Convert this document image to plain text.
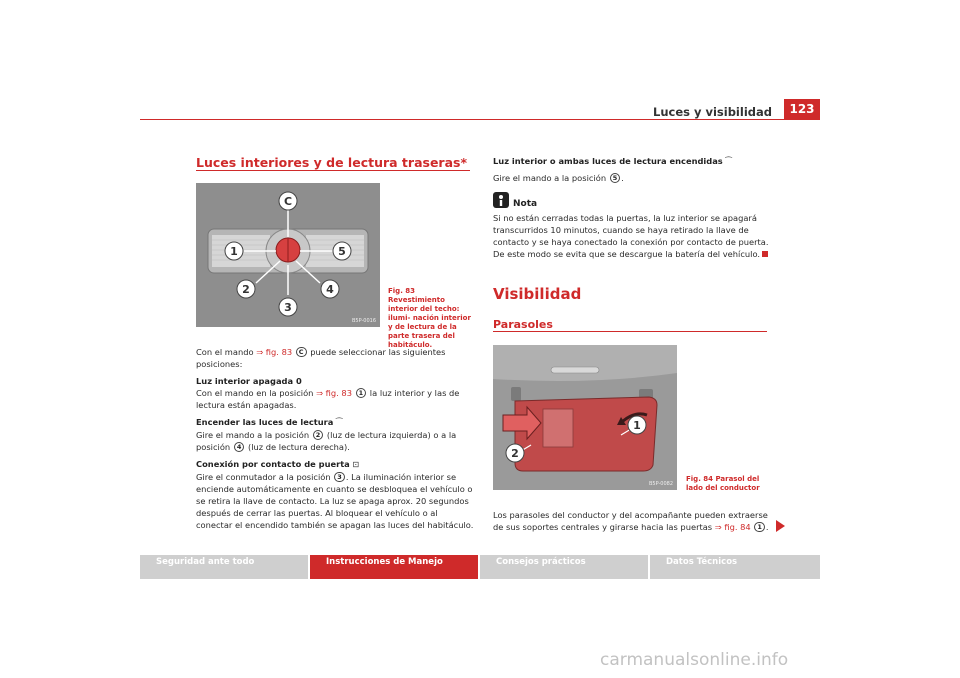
Luces y visibilidad	123
Luces interiores y de lectura traseras*
C
1	5
2
3
4
B5P-0016
Fig. 83 Revestimiento interior del techo: ilumi- nación interior y de lectura de la parte trasera del habitáculo.
Con el mando ⇒ fig. 83 C puede seleccionar las siguientes posiciones:
Luz interior apagada 0
Con el mando en la posición ⇒ fig. 83 1 la luz interior y las de lectura están apagadas.
Encender las luces de lectura ⁀
Gire el mando a la posición 2 (luz de lectura izquierda) o a la posición 4 (luz de lectura derecha).
Conexión por contacto de puerta ⊡
Gire el conmutador a la posición 3 . La iluminación interior se enciende automáticamente en cuanto se desbloquea el vehículo o se retira la llave de contacto. La luz se apaga aprox. 20 segundos después de cerrar las puertas. Al bloquear el vehículo o al conectar el encendido también se apagan las luces del habitáculo.
Luz interior o ambas luces de lectura encendidas ⁀
Gire el mando a la posición 5 .
Nota
Si no están cerradas todas la puertas, la luz interior se apagará transcurridos 10 minutos, cuando se haya retirado la llave de contacto y se haya conectado la conexión por contacto de puerta. De este modo se evita que se descargue la batería del vehículo.
Visibilidad
Parasoles
1
2
B5P-0082
Fig. 84 Parasol del lado del conductor
Los parasoles del conductor y del acompañante pueden extraerse de sus soportes centrales y girarse hacia las puertas ⇒ fig. 84 1 .
Seguridad ante todo	Instrucciones de Manejo	Consejos prácticos	Datos Técnicos
carmanualsonline.info
